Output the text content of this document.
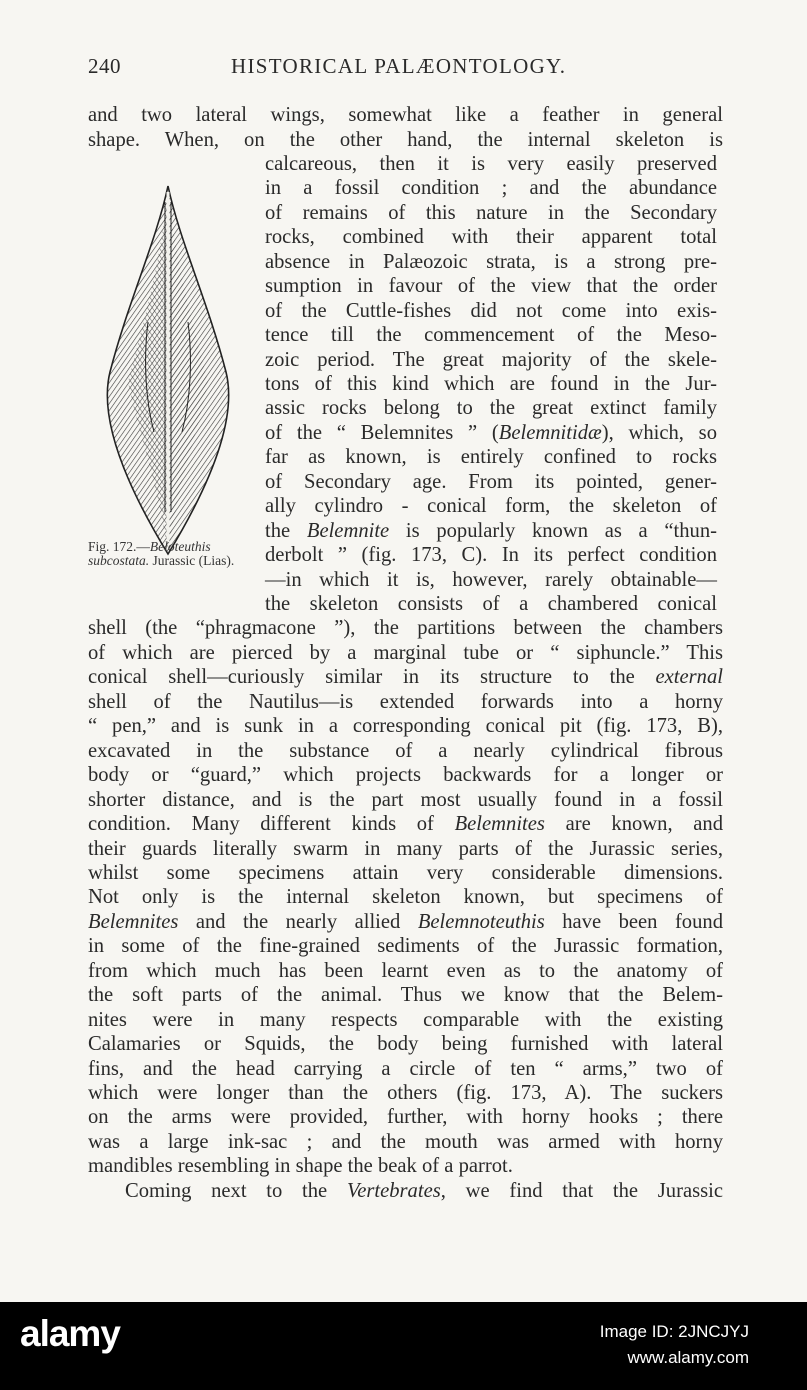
240	HISTORICAL PALÆONTOLOGY.
Fig. 172.—Beloteuthis subcostata. Jurassic (Lias).
and two lateral wings, somewhat like a feather in general
shape. When, on the other hand, the internal skeleton is
calcareous, then it is very easily preserved
in a fossil condition ; and the abundance
of remains of this nature in the Secondary
rocks, combined with their apparent total
absence in Palæozoic strata, is a strong pre-
sumption in favour of the view that the order
of the Cuttle-fishes did not come into exis-
tence till the commencement of the Meso-
zoic period. The great majority of the skele-
tons of this kind which are found in the Jur-
assic rocks belong to the great extinct family
of the “ Belemnites ” (Belemnitidæ), which, so
far as known, is entirely confined to rocks
of Secondary age. From its pointed, gener-
ally cylindro - conical form, the skeleton of
the Belemnite is popularly known as a “thun-
derbolt ” (fig. 173, C). In its perfect condition
—in which it is, however, rarely obtainable—
the skeleton consists of a chambered conical
shell (the “phragmacone ”), the partitions between the chambers
of which are pierced by a marginal tube or “ siphuncle.” This
conical shell—curiously similar in its structure to the external
shell of the Nautilus—is extended forwards into a horny
“ pen,” and is sunk in a corresponding conical pit (fig. 173, B),
excavated in the substance of a nearly cylindrical fibrous
body or “guard,” which projects backwards for a longer or
shorter distance, and is the part most usually found in a fossil
condition. Many different kinds of Belemnites are known, and
their guards literally swarm in many parts of the Jurassic series,
whilst some specimens attain very considerable dimensions.
Not only is the internal skeleton known, but specimens of
Belemnites and the nearly allied Belemnoteuthis have been found
in some of the fine-grained sediments of the Jurassic formation,
from which much has been learnt even as to the anatomy of
the soft parts of the animal. Thus we know that the Belem-
nites were in many respects comparable with the existing
Calamaries or Squids, the body being furnished with lateral
fins, and the head carrying a circle of ten “ arms,” two of
which were longer than the others (fig. 173, A). The suckers
on the arms were provided, further, with horny hooks ; there
was a large ink-sac ; and the mouth was armed with horny
mandibles resembling in shape the beak of a parrot.
Coming next to the Vertebrates, we find that the Jurassic
alamy	Image ID: 2JNCJYJ
www.alamy.com
